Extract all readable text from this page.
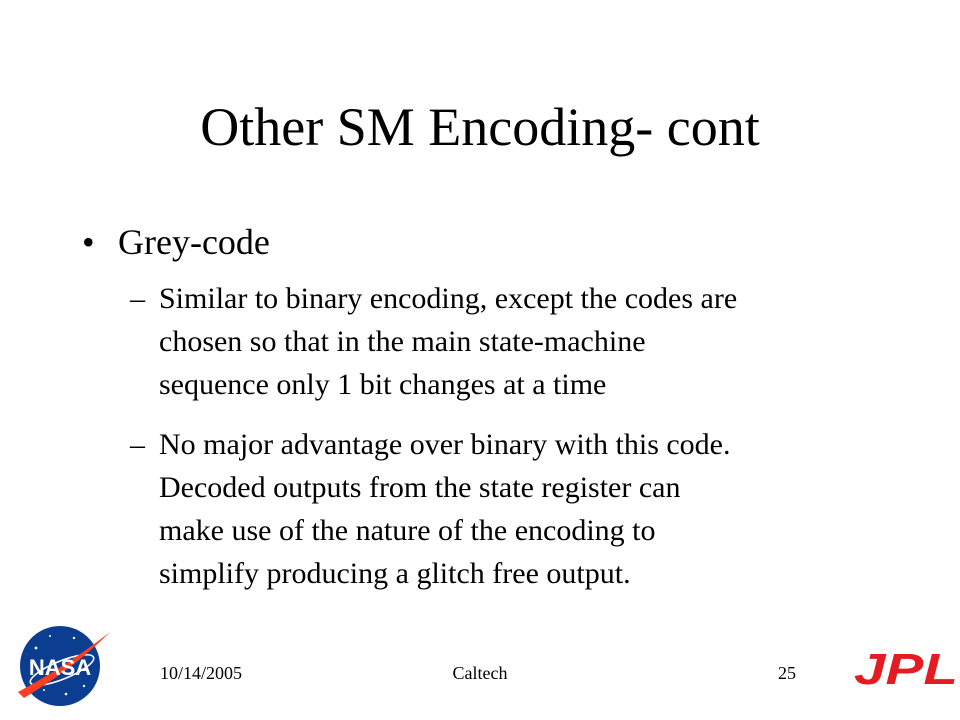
Other SM Encoding- cont
• Grey-code
– Similar to binary encoding, except the codes are
chosen so that in the main state-machine
sequence only 1 bit changes at a time
– No major advantage over binary with this code.
Decoded outputs from the state register can
make use of the nature of the encoding to
simplify producing a glitch free output.
NASA	JPL
10/14/2005	Caltech	25
